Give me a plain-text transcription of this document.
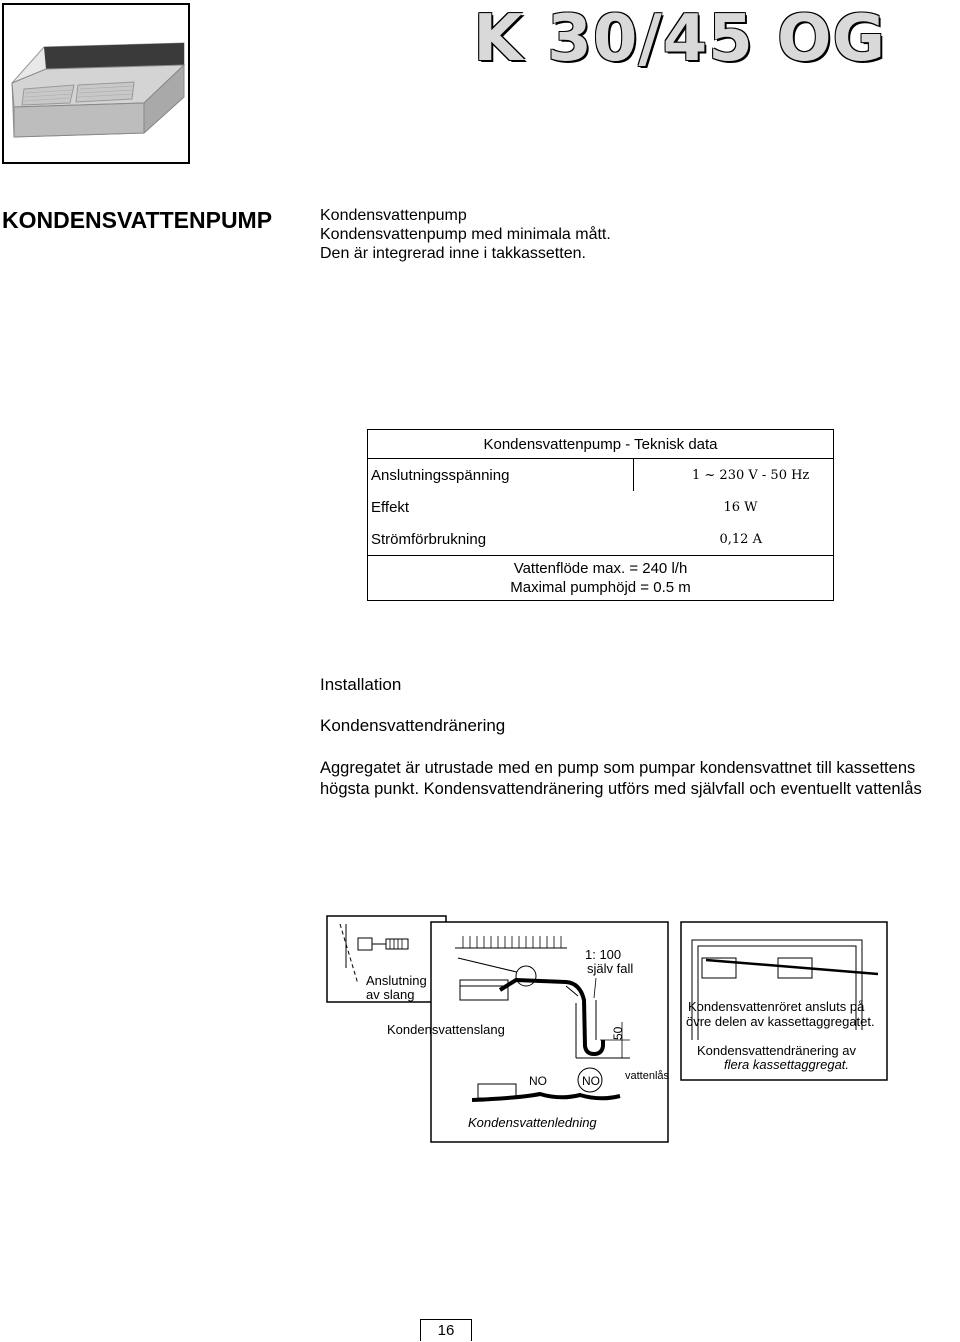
K 30/45 OG
KONDENSVATTENPUMP	Kondensvattenpump
Kondensvattenpump med minimala mått.
Den är integrerad inne i takkassetten.
Kondensvattenpump - Teknisk data	
Anslutningsspänning	1 ~ 230 V - 50 Hz
Effekt	16 W
Strömförbrukning	0,12 A

Vattenflöde max. = 240 l/h
Maximal pumphöjd = 0.5 m	
Installation
Kondensvattendränering
Aggregatet är utrustade med en pump som pumpar kondensvattnet till kassettens
högsta punkt. Kondensvattendränering utförs med självfall och eventuellt vattenlås
Anslutning
av slang
1: 100
själv fall
50
Kondensvattenslang
vattenlås
NO	NO
Kondensvattenledning
Kondensvattenröret ansluts på
övre delen av kassettaggregatet.
Kondensvattendränering av
flera kassettaggregat.
16
